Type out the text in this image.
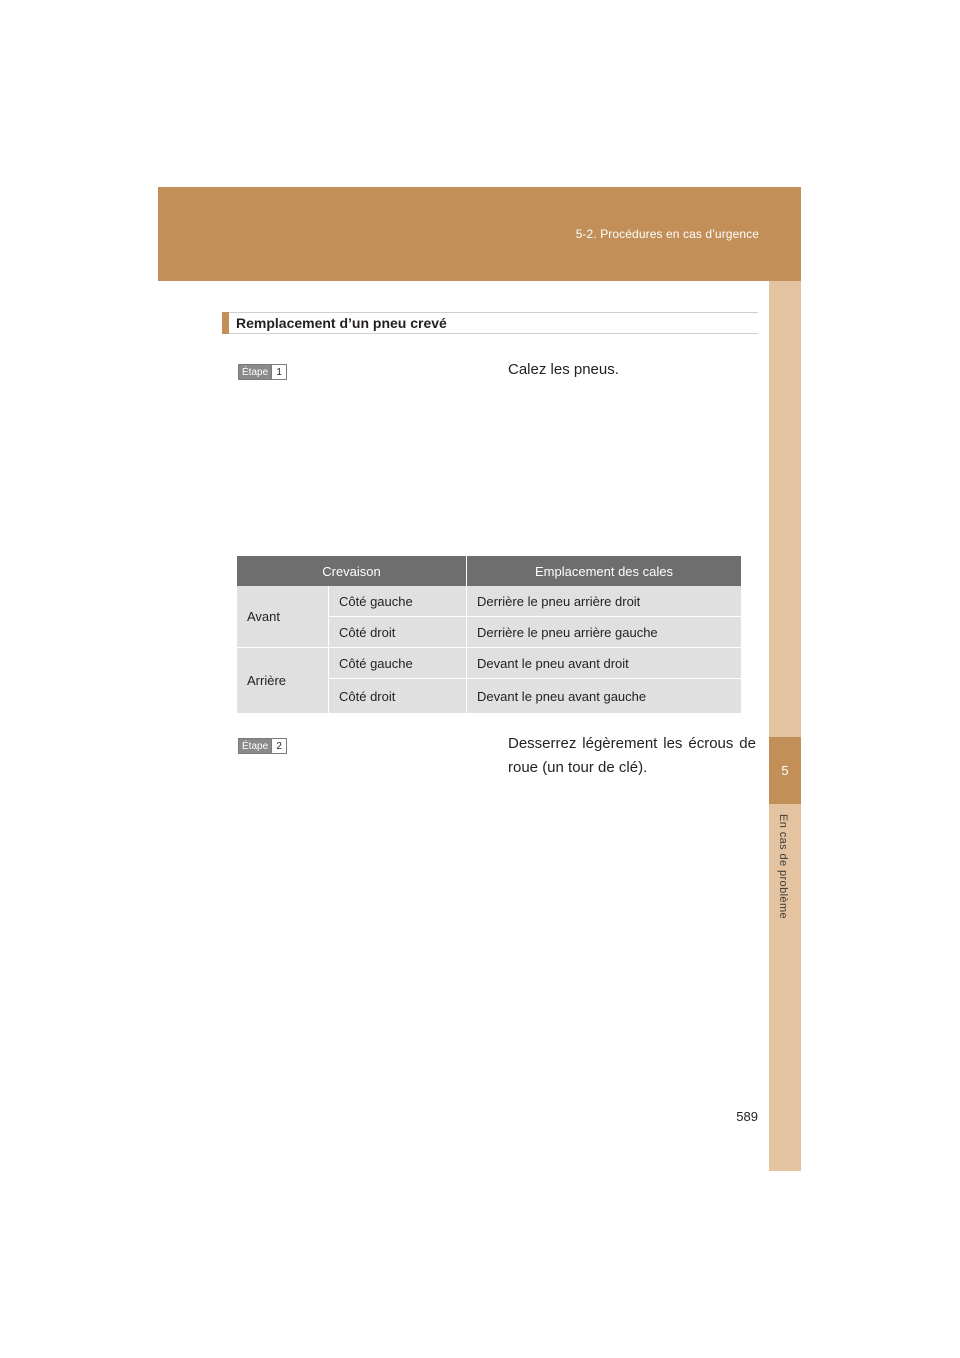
5-2. Procédures en cas d’urgence
5
En cas de problème
Remplacement d’un pneu crevé
Étape 1	Calez les pneus.
Crevaison		Emplacement des cales
Avant	Côté gauche	Derrière le pneu arrière droit
	Côté droit	Derrière le pneu arrière gauche
Arrière	Côté gauche	Devant le pneu avant droit
	Côté droit	Devant le pneu avant gauche
Étape 2	Desserrez légèrement les écrous de roue (un tour de clé).
589
